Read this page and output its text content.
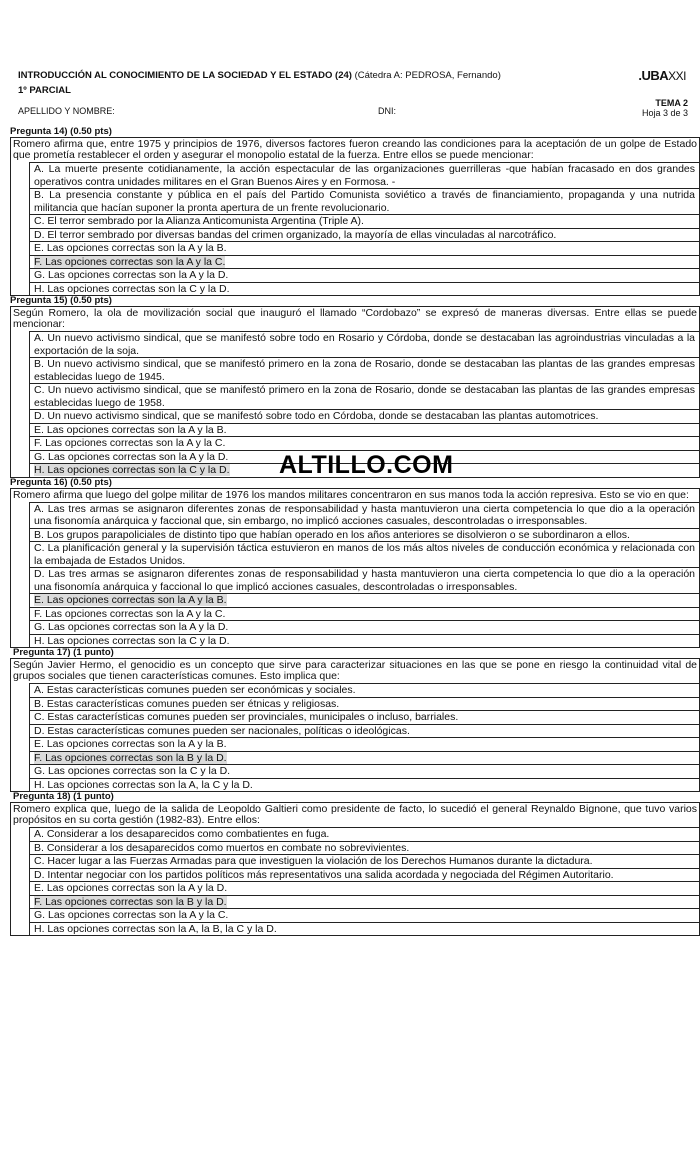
INTRODUCCIÓN AL CONOCIMIENTO DE LA SOCIEDAD Y EL ESTADO (24) (Cátedra A: PEDROSA, Fernando)
1º PARCIAL
.UBAXXI
APELLIDO Y NOMBRE:	DNI:
TEMA 2
Hoja 3 de 3
Pregunta 14) (0.50 pts)
Romero afirma que, entre 1975 y principios de 1976, diversos factores fueron creando las condiciones para la aceptación de un golpe de Estado que prometía restablecer el orden y asegurar el monopolio estatal de la fuerza. Entre ellos se puede mencionar:
A. La muerte presente cotidianamente, la acción espectacular de las organizaciones guerrilleras -que habían fracasado en dos grandes operativos contra unidades militares en el Gran Buenos Aires y en Formosa. -
B. La presencia constante y pública en el país del Partido Comunista soviético a través de financiamiento, propaganda y una nutrida militancia que hacían suponer la pronta apertura de un frente revolucionario.
C. El terror sembrado por la Alianza Anticomunista Argentina (Triple A).
D. El terror sembrado por diversas bandas del crimen organizado, la mayoría de ellas vinculadas al narcotráfico.
E. Las opciones correctas son la A y la B.
F. Las opciones correctas son la A y la C.
G. Las opciones correctas son la A y la D.
H. Las opciones correctas son la C y la D.
Pregunta 15) (0.50 pts)
Según Romero, la ola de movilización social que inauguró el llamado “Cordobazo” se expresó de maneras diversas. Entre ellas se puede mencionar:
A. Un nuevo activismo sindical, que se manifestó sobre todo en Rosario y Córdoba, donde se destacaban las agroindustrias vinculadas a la exportación de la soja.
B. Un nuevo activismo sindical, que se manifestó primero en la zona de Rosario, donde se destacaban las plantas de las grandes empresas establecidas luego de 1945.
C. Un nuevo activismo sindical, que se manifestó primero en la zona de Rosario, donde se destacaban las plantas de las grandes empresas establecidas luego de 1958.
D. Un nuevo activismo sindical, que se manifestó sobre todo en Córdoba, donde se destacaban las plantas automotrices.
E. Las opciones correctas son la A y la B.
F. Las opciones correctas son la A y la C.
G. Las opciones correctas son la A y la D.
H. Las opciones correctas son la C y la D.
Pregunta 16) (0.50 pts)
Romero afirma que luego del golpe militar de 1976 los mandos militares concentraron en sus manos toda la acción represiva. Esto se vio en que:
A. Las tres armas se asignaron diferentes zonas de responsabilidad y hasta mantuvieron una cierta competencia lo que dio a la operación una fisonomía anárquica y faccional que, sin embargo, no implicó acciones casuales, descontroladas o irresponsables.
B. Los grupos parapoliciales de distinto tipo que habían operado en los años anteriores se disolvieron o se subordinaron a ellos.
C. La planificación general y la supervisión táctica estuvieron en manos de los más altos niveles de conducción económica y relacionada con la embajada de Estados Unidos.
D. Las tres armas se asignaron diferentes zonas de responsabilidad y hasta mantuvieron una cierta competencia lo que dio a la operación una fisonomía anárquica y faccional lo que implicó acciones casuales, descontroladas o irresponsables.
E. Las opciones correctas son la A y la B.
F. Las opciones correctas son la A y la C.
G. Las opciones correctas son la A y la D.
H. Las opciones correctas son la C y la D.
Pregunta 17) (1 punto)
Según Javier Hermo, el genocidio es un concepto que sirve para caracterizar situaciones en las que se pone en riesgo la continuidad vital de grupos sociales que tienen características comunes. Esto implica que:
A. Estas características comunes pueden ser económicas y sociales.
B. Estas características comunes pueden ser étnicas y religiosas.
C. Estas características comunes pueden ser provinciales, municipales o incluso, barriales.
D. Estas características comunes pueden ser nacionales, políticas o ideológicas.
E. Las opciones correctas son la A y la B.
F. Las opciones correctas son la B y la D.
G. Las opciones correctas son la C y la D.
H. Las opciones correctas son la A, la C y la D.
Pregunta 18) (1 punto)
Romero explica que, luego de la salida de Leopoldo Galtieri como presidente de facto, lo sucedió el general Reynaldo Bignone, que tuvo varios propósitos en su corta gestión (1982-83). Entre ellos:
A. Considerar a los desaparecidos como combatientes en fuga.
B. Considerar a los desaparecidos como muertos en combate no sobrevivientes.
C. Hacer lugar a las Fuerzas Armadas para que investiguen la violación de los Derechos Humanos durante la dictadura.
D. Intentar negociar con los partidos políticos más representativos una salida acordada y negociada del Régimen Autoritario.
E. Las opciones correctas son la A y la D.
F. Las opciones correctas son la B y la D.
G. Las opciones correctas son la A y la C.
H. Las opciones correctas son la A, la B, la C y la D.
ALTILLO.COM
